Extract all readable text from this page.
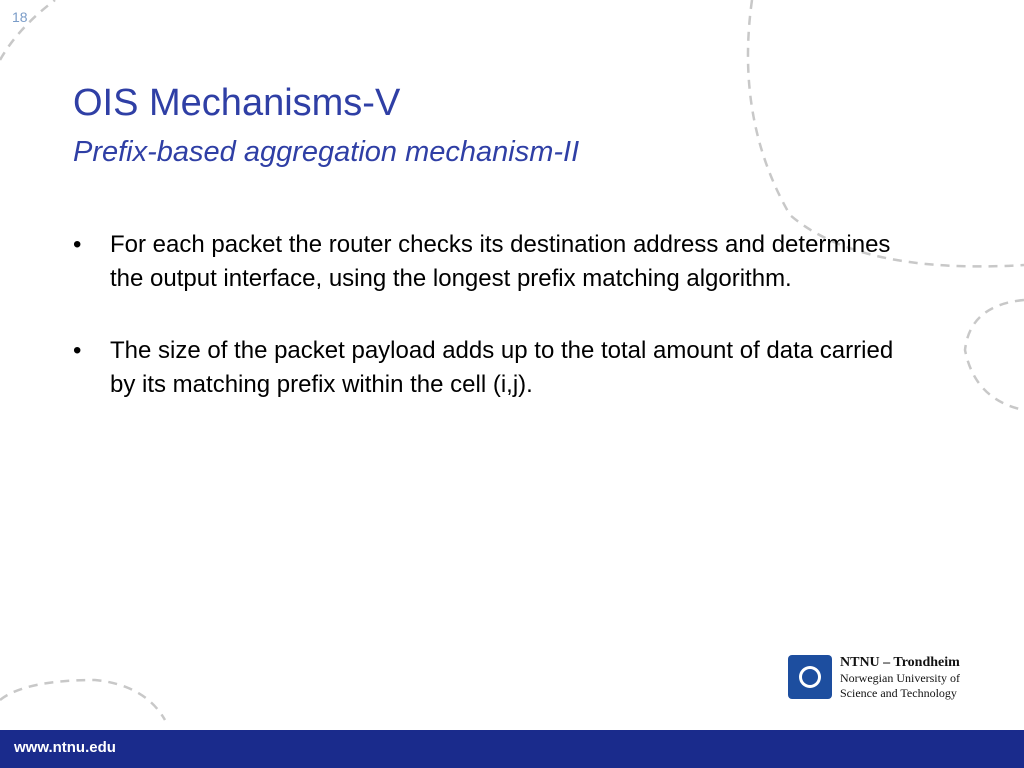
18
OIS Mechanisms-V
Prefix-based aggregation mechanism-II
• For each packet the router checks its destination address and determines the output interface, using the longest prefix matching algorithm.
• The size of the packet payload adds up to the total amount of data carried by its matching prefix within the cell (i,j).
NTNU – Trondheim
Norwegian University of
Science and Technology
www.ntnu.edu
